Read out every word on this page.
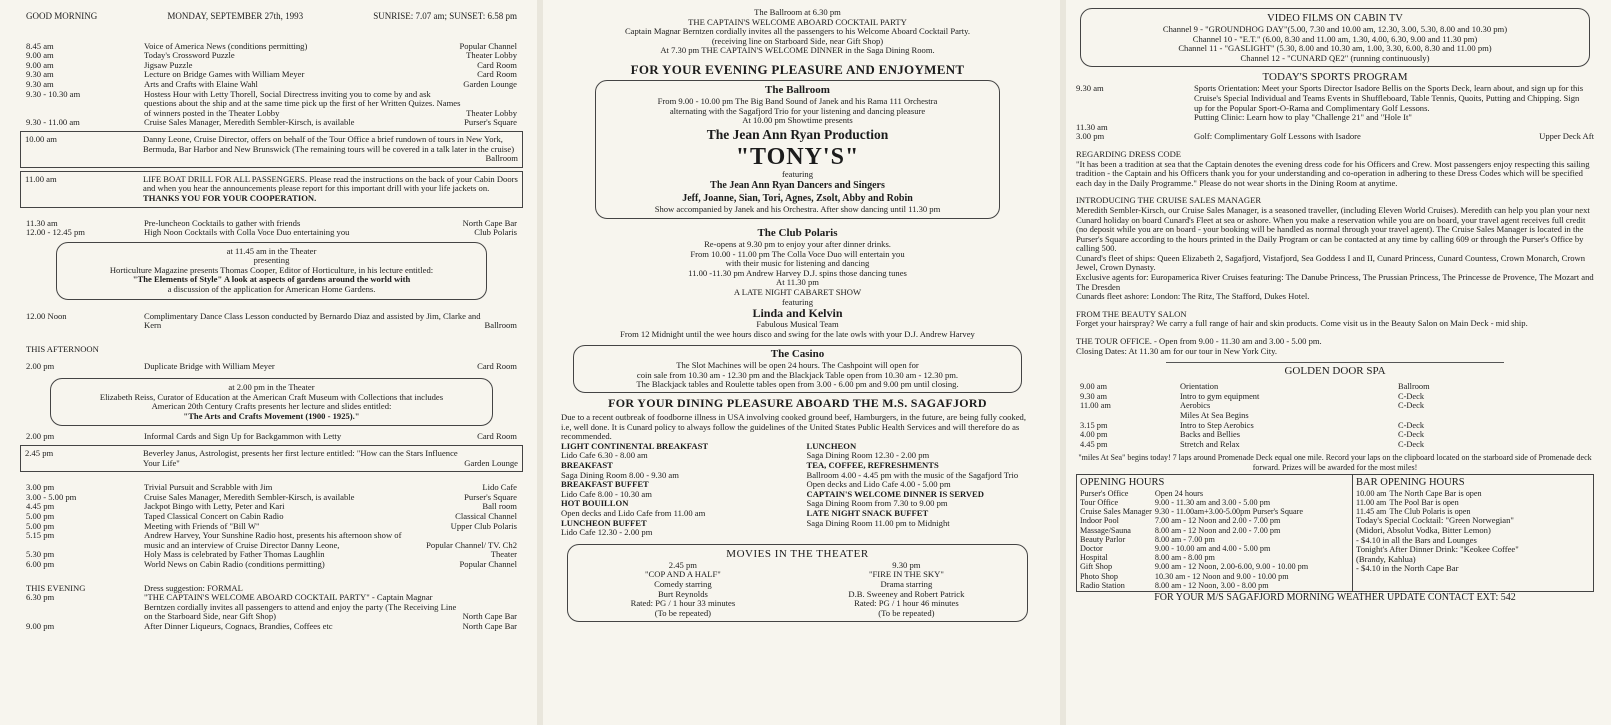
GOOD MORNING	MONDAY, SEPTEMBER 27th, 1993	SUNRISE: 7.07 am; SUNSET: 6.58 pm
8.45 am	Voice of America News (conditions permitting)	Popular Channel
9.00 am	Today's Crossword Puzzle	Theater Lobby
9.00 am	Jigsaw Puzzle	Card Room
9.30 am	Lecture on Bridge Games with William Meyer	Card Room
9.30 am	Arts and Crafts with Elaine Wahl	Garden Lounge
9.30 - 10.30 am	Hostess Hour with Letty Thorell, Social Directress inviting you to come by and ask questions about the ship and at the same time pick up the first of her Written Quizes. Names of winners posted in the Theater Lobby	Theater Lobby
9.30 - 11.00 am	Cruise Sales Manager, Meredith Sembler-Kirsch, is available	Purser's Square
10.00 am	Danny Leone, Cruise Director, offers on behalf of the Tour Office a brief rundown of tours in New York, Bermuda, Bar Harbor and New Brunswick (The remaining tours will be covered in a talk later in the cruise)
Ballroom
11.00 am	LIFE BOAT DRILL FOR ALL PASSENGERS. Please read the instructions on the back of your Cabin Doors and when you hear the announcements please report for this important drill with your life jackets on.
THANKS YOU FOR YOUR COOPERATION.
11.30 am	Pre-luncheon Cocktails to gather with friends	North Cape Bar
12.00 - 12.45 pm	High Noon Cocktails with Colla Voce Duo entertaining you	Club Polaris
at 11.45 am in the Theater
presenting
Horticulture Magazine presents Thomas Cooper, Editor of Horticulture, in his lecture entitled:
"The Elements of Style" A look at aspects of gardens around the world with
a discussion of the application for American Home Gardens.
12.00 Noon	Complimentary Dance Class Lesson conducted by Bernardo Diaz and assisted by Jim, Clarke and Kern	Ballroom
THIS AFTERNOON
2.00 pm	Duplicate Bridge with William Meyer	Card Room
at 2.00 pm in the Theater
Elizabeth Reiss, Curator of Education at the American Craft Museum with Collections that includes
American 20th Century Crafts presents her lecture and slides entitled:
"The Arts and Crafts Movement (1900 - 1925)."
2.00 pm	Informal Cards and Sign Up for Backgammon with Letty	Card Room
2.45 pm	Beverley Janus, Astrologist, presents her first lecture entitled: "How can the Stars Influence Your Life"	Garden Lounge
3.00 pm	Trivial Pursuit and Scrabble with Jim	Lido Cafe
3.00 - 5.00 pm	Cruise Sales Manager, Meredith Sembler-Kirsch, is available	Purser's Square
4.45 pm	Jackpot Bingo with Letty, Peter and Kari	Ball room
5.00 pm	Taped Classical Concert on Cabin Radio	Classical Channel
5.00 pm	Meeting with Friends of "Bill W"	Upper Club Polaris
5.15 pm	Andrew Harvey, Your Sunshine Radio host, presents his afternoon show of music and an interview of Cruise Director Danny Leone,	Popular Channel/ TV. Ch2
5.30 pm	Holy Mass is celebrated by Father Thomas Laughlin	Theater
6.00 pm	World News on Cabin Radio (conditions permitting)	Popular Channel
THIS EVENING	Dress suggestion: FORMAL
6.30 pm	"THE CAPTAIN'S WELCOME ABOARD COCKTAIL PARTY" - Captain Magnar Berntzen cordially invites all passengers to attend and enjoy the party (The Receiving Line on the Starboard Side, near Gift Shop)	North Cape Bar
9.00 pm	After Dinner Liqueurs, Cognacs, Brandies, Coffees etc	North Cape Bar
The Ballroom at 6.30 pm
THE CAPTAIN'S WELCOME ABOARD COCKTAIL PARTY
Captain Magnar Berntzen cordially invites all the passengers to his Welcome Aboard Cocktail Party.
(receiving line on Starboard Side, near Gift Shop)
At 7.30 pm THE CAPTAIN'S WELCOME DINNER in the Saga Dining Room.
FOR YOUR EVENING PLEASURE AND ENJOYMENT
The Ballroom
From 9.00 - 10.00 pm The Big Band Sound of Janek and his Rama 111 Orchestra
alternating with the Sagafjord Trio for your listening and dancing pleasure
At 10.00 pm Showtime presents
The Jean Ann Ryan Production
"TONY'S"
featuring
The Jean Ann Ryan Dancers and Singers
Jeff, Joanne, Sian, Tori, Agnes, Zsolt, Abby and Robin
Show accompanied by Janek and his Orchestra. After show dancing until 11.30 pm
The Club Polaris
Re-opens at 9.30 pm to enjoy your after dinner drinks.
From 10.00 - 11.00 pm The Colla Voce Duo will entertain you
with their music for listening and dancing
11.00 -11.30 pm Andrew Harvey D.J. spins those dancing tunes
At 11.30 pm
A LATE NIGHT CABARET SHOW
featuring
Linda and Kelvin
Fabulous Musical Team
From 12 Midnight until the wee hours disco and swing for the late owls with your D.J. Andrew Harvey
The Casino
The Slot Machines will be open 24 hours. The Cashpoint will open for
coin sale from 10.30 am - 12.30 pm and the Blackjack Table open from 10.30 am - 12.30 pm.
The Blackjack tables and Roulette tables open from 3.00 - 6.00 pm and 9.00 pm until closing.
FOR YOUR DINING PLEASURE ABOARD THE M.S. SAGAFJORD
Due to a recent outbreak of foodborne illness in USA involving cooked ground beef, Hamburgers, in the future, are being fully cooked, i.e, well done. It is Cunard policy to always follow the guidelines of the United States Public Health Services and will therefore do as recommended.
LIGHT CONTINENTAL BREAKFAST
Lido Cafe 6.30 - 8.00 am
BREAKFAST
Saga Dining Room 8.00 - 9.30 am
BREAKFAST BUFFET
Lido Cafe 8.00 - 10.30 am
HOT BOUILLON
Open decks and Lido Cafe from 11.00 am
LUNCHEON BUFFET
Lido Cafe 12.30 - 2.00 pm
LUNCHEON
Saga Dining Room 12.30 - 2.00 pm
TEA, COFFEE, REFRESHMENTS
Ballroom 4.00 - 4.45 pm with the music of the Sagafjord Trio
Open decks and Lido Cafe 4.00 - 5.00 pm
CAPTAIN'S WELCOME DINNER IS SERVED
Saga Dining Room from 7.30 to 9.00 pm
LATE NIGHT SNACK BUFFET
Saga Dining Room 11.00 pm to Midnight
MOVIES IN THE THEATER
2.45 pm
"COP AND A HALF"
Comedy starring
Burt Reynolds
Rated: PG / 1 hour 33 minutes
(To be repeated)
9.30 pm
"FIRE IN THE SKY"
Drama starring
D.B. Sweeney and Robert Patrick
Rated: PG / 1 hour 46 minutes
(To be repeated)
VIDEO FILMS ON CABIN TV
Channel 9 - "GROUNDHOG DAY"(5.00, 7.30 and 10.00 am, 12.30, 3.00, 5.30, 8.00 and 10.30 pm)
Channel 10 - "E.T." (6.00, 8.30 and 11.00 am, 1.30, 4.00, 6.30, 9.00 and 11.30 pm)
Channel 11 - "GASLIGHT" (5.30, 8.00 and 10.30 am, 1.00, 3.30, 6.00, 8.30 and 11.00 pm)
Channel 12 - "CUNARD QE2" (running continuously)
TODAY'S SPORTS PROGRAM
9.30 am	Sports Orientation: Meet your Sports Director Isadore Bellis on the Sports Deck, learn about, and sign up for this Cruise's Special Individual and Teams Events in Shuffleboard, Table Tennis, Quoits, Putting and Chipping. Sign up for the Popular Sport-O-Rama and Complimentary Golf Lessons.
Putting Clinic: Learn how to play "Challenge 21" and "Hole It"
11.30 am
3.00 pm	Golf: Complimentary Golf Lessons with Isadore	Upper Deck Aft
REGARDING DRESS CODE
"It has been a tradition at sea that the Captain denotes the evening dress code for his Officers and Crew. Most passengers enjoy respecting this sailing tradition - the Captain and his Officers thank you for your understanding and co-operation in adhering to these Dress Codes which will be specified each day in the Daily Programme." Please do not wear shorts in the Dining Room at anytime.
INTRODUCING THE CRUISE SALES MANAGER
Meredith Sembler-Kirsch, our Cruise Sales Manager, is a seasoned traveller, (including Eleven World Cruises). Meredith can help you plan your next Cunard holiday on board Cunard's Fleet at sea or ashore. When you make a reservation while you are on board, your travel agent receives full credit (no deposit while you are on board - your booking will be handled as normal through your travel agent). The Cruise Sales Manager is located in the Purser's Square according to the hours printed in the Daily Program or can be contacted at any time by calling 609 or through the Purser's Office by calling 500.
Cunard's fleet of ships: Queen Elizabeth 2, Sagafjord, Vistafjord, Sea Goddess I and II, Cunard Princess, Cunard Countess, Crown Monarch, Crown Jewel, Crown Dynasty.
Exclusive agents for: Europamerica River Cruises featuring: The Danube Princess, The Prussian Princess, The Princesse de Provence, The Mozart and The Dresden
Cunards fleet ashore: London: The Ritz, The Stafford, Dukes Hotel.
FROM THE BEAUTY SALON
Forget your hairspray? We carry a full range of hair and skin products. Come visit us in the Beauty Salon on Main Deck - mid ship.
THE TOUR OFFICE. - Open from 9.00 - 11.30 am and 3.00 - 5.00 pm.
Closing Dates: At 11.30 am for our tour in New York City.
GOLDEN DOOR SPA
9.00 am	Orientation	Ballroom
9.30 am	Intro to gym equipment	C-Deck
11.00 am	Aerobics	C-Deck
	Miles At Sea Begins	
3.15 pm	Intro to Step Aerobics	C-Deck
4.00 pm	Backs and Bellies	C-Deck
4.45 pm	Stretch and Relax	C-Deck
"miles At Sea" begins today! 7 laps around Promenade Deck equal one mile. Record your laps on the clipboard located on the starboard side of Promenade deck forward. Prizes will be awarded for the most miles!
OPENING HOURS
Purser's Office	Open 24 hours
Tour Office	9.00 - 11.30 am and 3.00 - 5.00 pm
Cruise Sales Manager	9.30 - 11.00am+3.00-5.00pm Purser's Square
Indoor Pool	7.00 am - 12 Noon and 2.00 - 7.00 pm
Massage/Sauna	8.00 am - 12 Noon and 2.00 - 7.00 pm
Beauty Parlor	8.00 am - 7.00 pm
Doctor	9.00 - 10.00 am and 4.00 - 5.00 pm
Hospital	8.00 am - 8.00 pm
Gift Shop	9.00 am - 12 Noon, 2.00-6.00, 9.00 - 10.00 pm
Photo Shop	10.30 am - 12 Noon and 9.00 - 10.00 pm
Radio Station	8.00 am - 12 Noon, 3.00 - 8.00 pm
BAR OPENING HOURS
10.00 am	The North Cape Bar is open
11.00 am	The Pool Bar is open
11.45 am	The Club Polaris is open
Today's Special Cocktail: "Green Norwegian"
(Midori, Absolut Vodka, Bitter Lemon)
- $4.10 in all the Bars and Lounges
Tonight's After Dinner Drink: "Keokee Coffee"
(Brandy, Kahlua)
- $4.10 in the North Cape Bar
FOR YOUR M/S SAGAFJORD MORNING WEATHER UPDATE CONTACT EXT: 542
